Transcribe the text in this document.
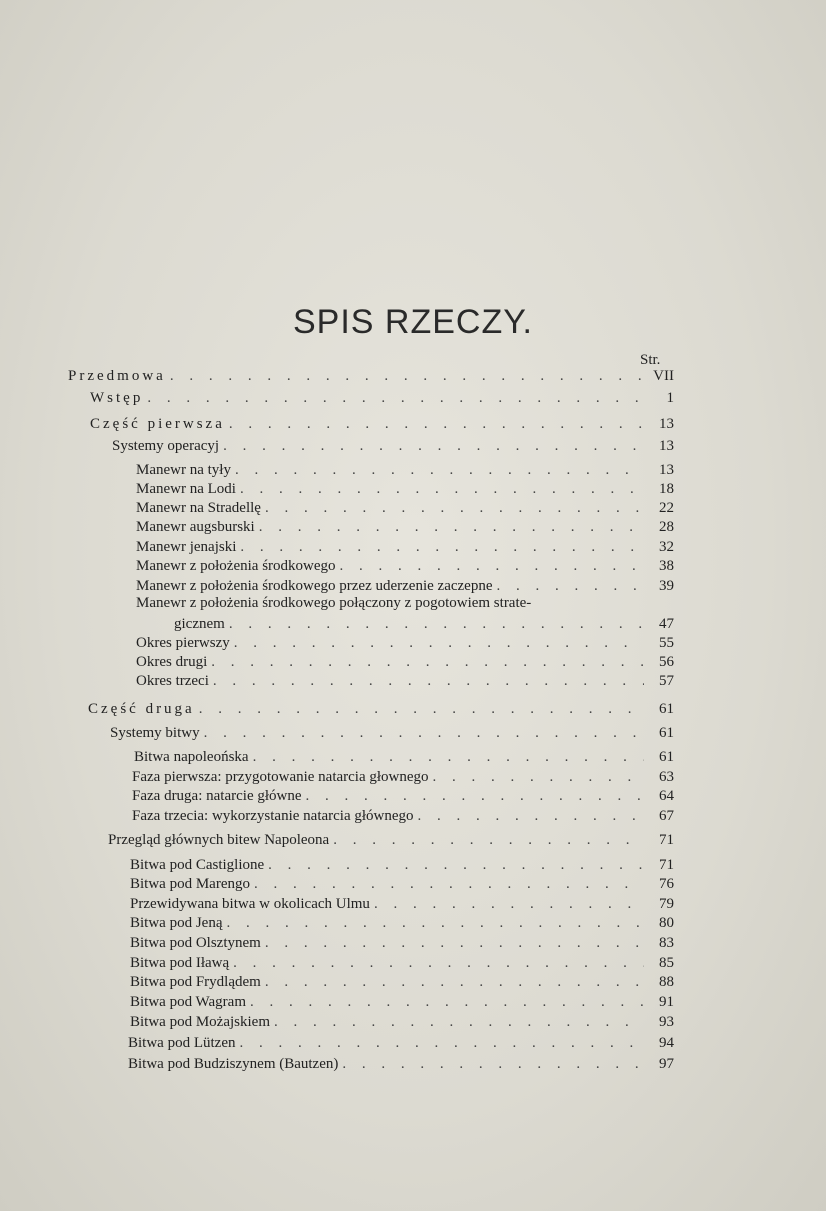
SPIS RZECZY.
Str.
Przedmowa . . .	VII
Wstęp . . .	1
Część pierwsza . . .	13
Systemy operacyj . . .	13
Manewr na tyły . . .	13
Manewr na Lodi . . .	18
Manewr na Stradellę . . .	22
Manewr augsburski . . .	28
Manewr jenajski . . .	32
Manewr z położenia środkowego . . .	38
Manewr z położenia środkowego przez uderzenie zaczepne . . .	39
Manewr z położenia środkowego połączony z pogotowiem strate-
gicznem . . .	47
Okres pierwszy . . .	55
Okres drugi . . .	56
Okres trzeci . . .	57
Część druga . . .	61
Systemy bitwy . . .	61
Bitwa napoleońska . . .	61
Faza pierwsza: przygotowanie natarcia głownego . . .	63
Faza druga: natarcie główne . . .	64
Faza trzecia: wykorzystanie natarcia głównego . . .	67
Przegląd głównych bitew Napoleona . . .	71
Bitwa pod Castiglione . . .	71
Bitwa pod Marengo . . .	76
Przewidywana bitwa w okolicach Ulmu . . .	79
Bitwa pod Jeną . . .	80
Bitwa pod Olsztynem . . .	83
Bitwa pod Iławą . . .	85
Bitwa pod Frydlądem . . .	88
Bitwa pod Wagram . . .	91
Bitwa pod Możajskiem . . .	93
Bitwa pod Lützen . . .	94
Bitwa pod Budziszynem (Bautzen) . . .	97
